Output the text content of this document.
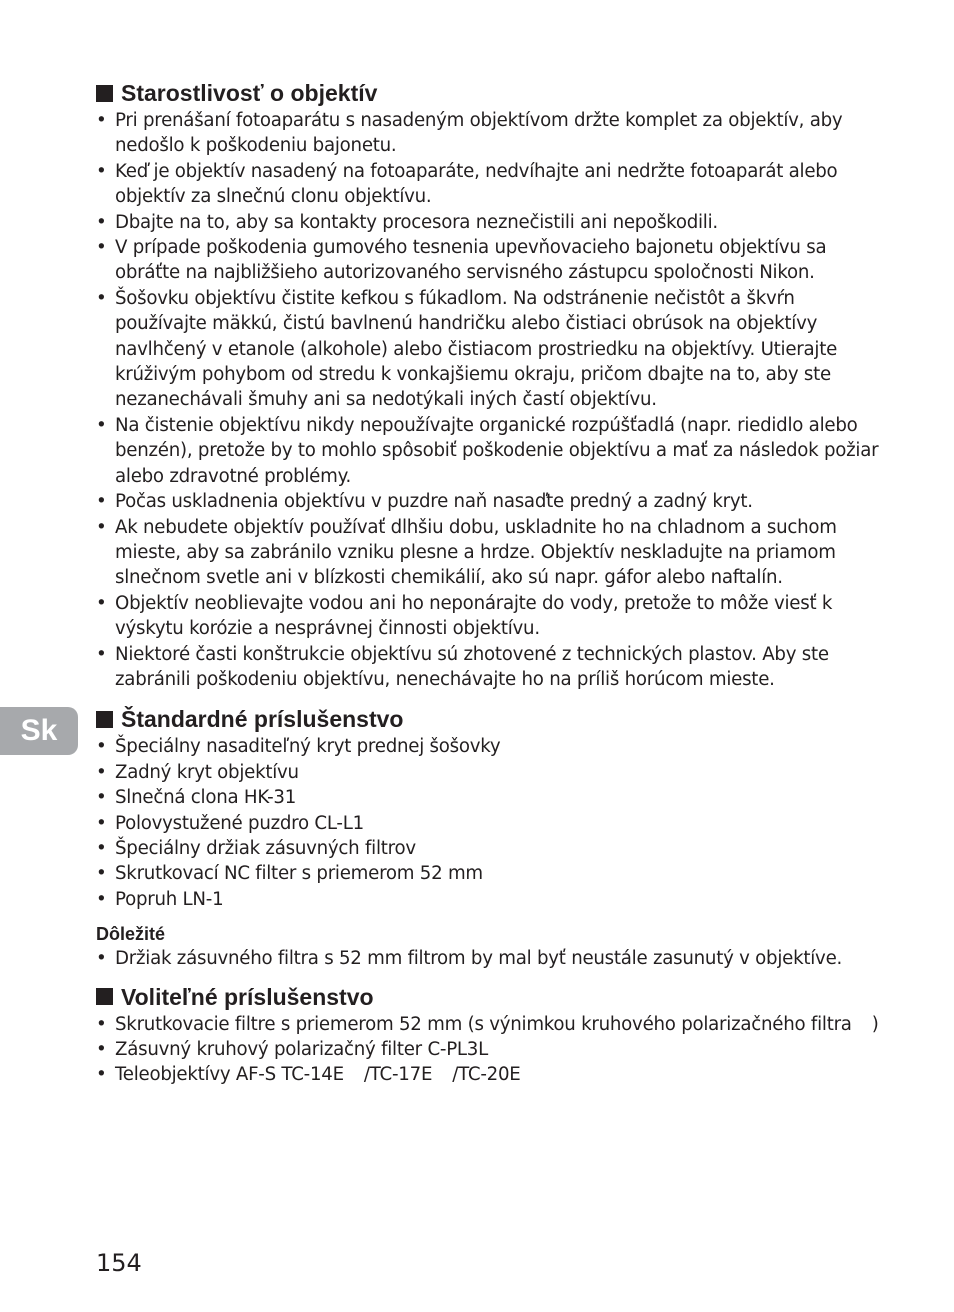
Sk
Starostlivosť o objektív
• Pri prenášaní fotoaparátu s nasadeným objektívom držte komplet za objektív, aby nedošlo k poškodeniu bajonetu.
• Keď je objektív nasadený na fotoaparáte, nedvíhajte ani nedržte fotoaparát alebo objektív za slnečnú clonu objektívu.
• Dbajte na to, aby sa kontakty procesora neznečistili ani nepoškodili.
• V prípade poškodenia gumového tesnenia upevňovacieho bajonetu objektívu sa obráťte na najbližšieho autorizovaného servisného zástupcu spoločnosti Nikon.
• Šošovku objektívu čistite kefkou s fúkadlom. Na odstránenie nečistôt a škvŕn používajte mäkkú, čistú bavlnenú handričku alebo čistiaci obrúsok na objektívy navlhčený v etanole (alkohole) alebo čistiacom prostriedku na objektívy. Utierajte krúživým pohybom od stredu k vonkajšiemu okraju, pričom dbajte na to, aby ste nezanechávali šmuhy ani sa nedotýkali iných častí objektívu.
• Na čistenie objektívu nikdy nepoužívajte organické rozpúšťadlá (napr. riedidlo alebo benzén), pretože by to mohlo spôsobiť poškodenie objektívu a mať za následok požiar alebo zdravotné problémy.
• Počas uskladnenia objektívu v puzdre naň nasaďte predný a zadný kryt.
• Ak nebudete objektív používať dlhšiu dobu, uskladnite ho na chladnom a suchom mieste, aby sa zabránilo vzniku plesne a hrdze. Objektív neskladujte na priamom slnečnom svetle ani v blízkosti chemikálií, ako sú napr. gáfor alebo naftalín.
• Objektív neoblievajte vodou ani ho neponárajte do vody, pretože to môže viesť k výskytu korózie a nesprávnej činnosti objektívu.
• Niektoré časti konštrukcie objektívu sú zhotovené z technických plastov. Aby ste zabránili poškodeniu objektívu, nenechávajte ho na príliš horúcom mieste.
Štandardné príslušenstvo
• Špeciálny nasaditeľný kryt prednej šošovky
• Zadný kryt objektívu
• Slnečná clona HK-31
• Polovystužené puzdro CL-L1
• Špeciálny držiak zásuvných filtrov
• Skrutkovací NC filter s priemerom 52 mm
• Popruh LN-1

Dôležité

• Držiak zásuvného filtra s 52 mm filtrom by mal byť neustále zasunutý v objektíve.
Voliteľné príslušenstvo
• Skrutkovacie filtre s priemerom 52 mm (s výnimkou kruhového polarizačného filtra )
• Zásuvný kruhový polarizačný filter C-PL3L
• Teleobjektívy AF-S TC-14E /TC-17E /TC-20E
154
